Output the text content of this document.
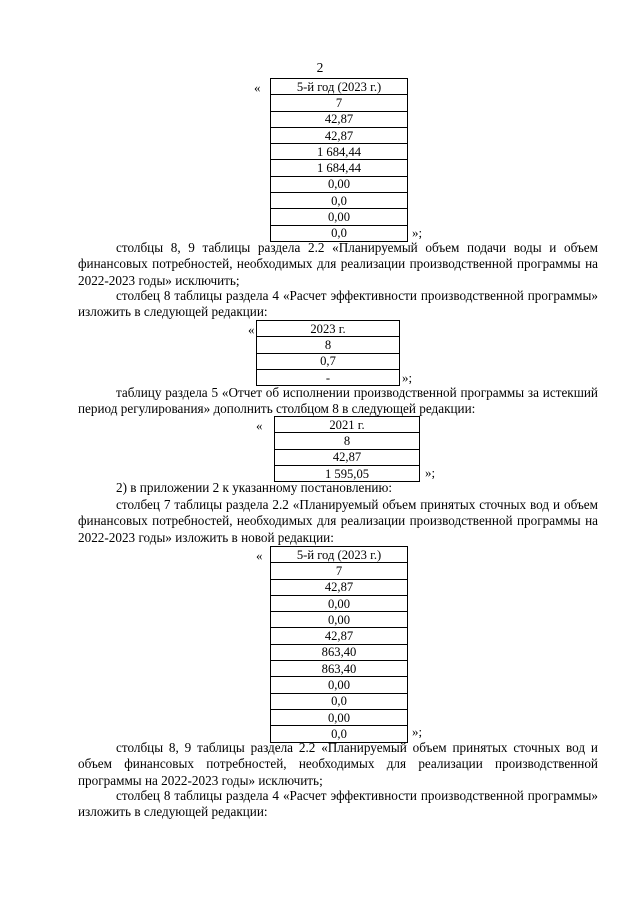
2
«	5-й год (2023 г.)
7
42,87
42,87
1 684,44
1 684,44
0,00
0,0
0,00
0,0	»;

столбцы 8, 9 таблицы раздела 2.2 «Планируемый объем подачи воды и объем финансовых потребностей, необходимых для реализации производственной программы на 2022-2023 годы» исключить;

столбец 8 таблицы раздела 4 «Расчет эффективности производственной программы» изложить в следующей редакции:

«	2023 г.
8
0,7
-	»;

таблицу раздела 5 «Отчет об исполнении производственной программы за истекший период регулирования» дополнить столбцом 8 в следующей редакции:

«	2021 г.
8
42,87
1 595,05	»;

2) в приложении 2 к указанному постановлению:

столбец 7 таблицы раздела 2.2 «Планируемый объем принятых сточных вод и объем финансовых потребностей, необходимых для реализации производственной программы на 2022-2023 годы» изложить в новой редакции:

«	5-й год (2023 г.)
7
42,87
0,00
0,00
42,87
863,40
863,40
0,00
0,0
0,00
0,0	»;

столбцы 8, 9 таблицы раздела 2.2 «Планируемый объем принятых сточных вод и объем финансовых потребностей, необходимых для реализации производственной программы на 2022-2023 годы» исключить;

столбец 8 таблицы раздела 4 «Расчет эффективности производственной программы» изложить в следующей редакции:
